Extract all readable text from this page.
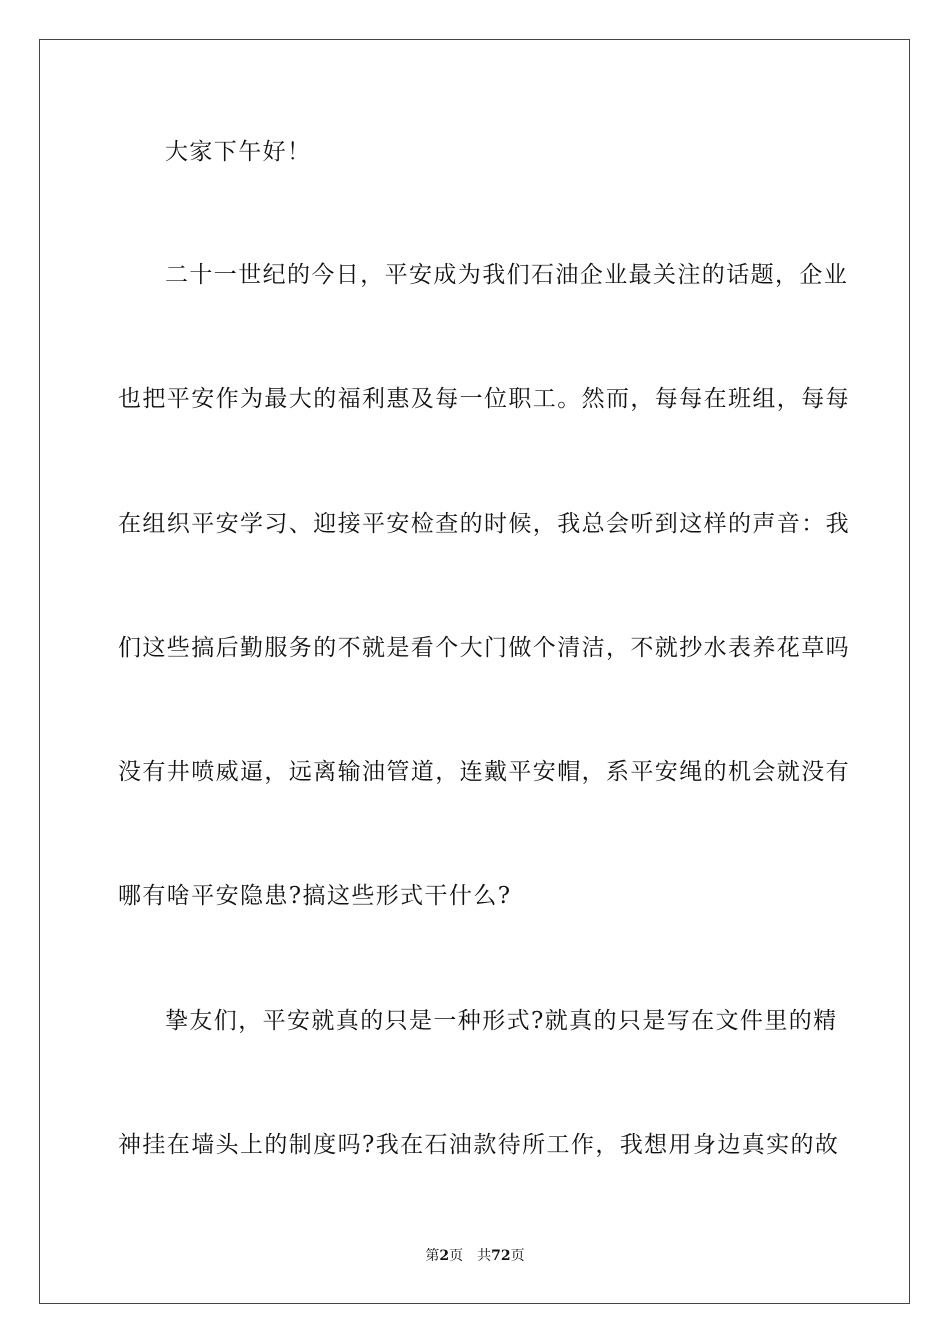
大家下午好！
二十一世纪的今日，平安成为我们石油企业最关注的话题，企业
也把平安作为最大的福利惠及每一位职工。然而，每每在班组，每每
在组织平安学习、迎接平安检查的时候，我总会听到这样的声音：我
们这些搞后勤服务的不就是看个大门做个清洁，不就抄水表养花草吗
没有井喷威逼，远离输油管道，连戴平安帽，系平安绳的机会就没有
哪有啥平安隐患?搞这些形式干什么?
挚友们，平安就真的只是一种形式?就真的只是写在文件里的精
神挂在墙头上的制度吗?我在石油款待所工作，我想用身边真实的故
第2页 共72页
